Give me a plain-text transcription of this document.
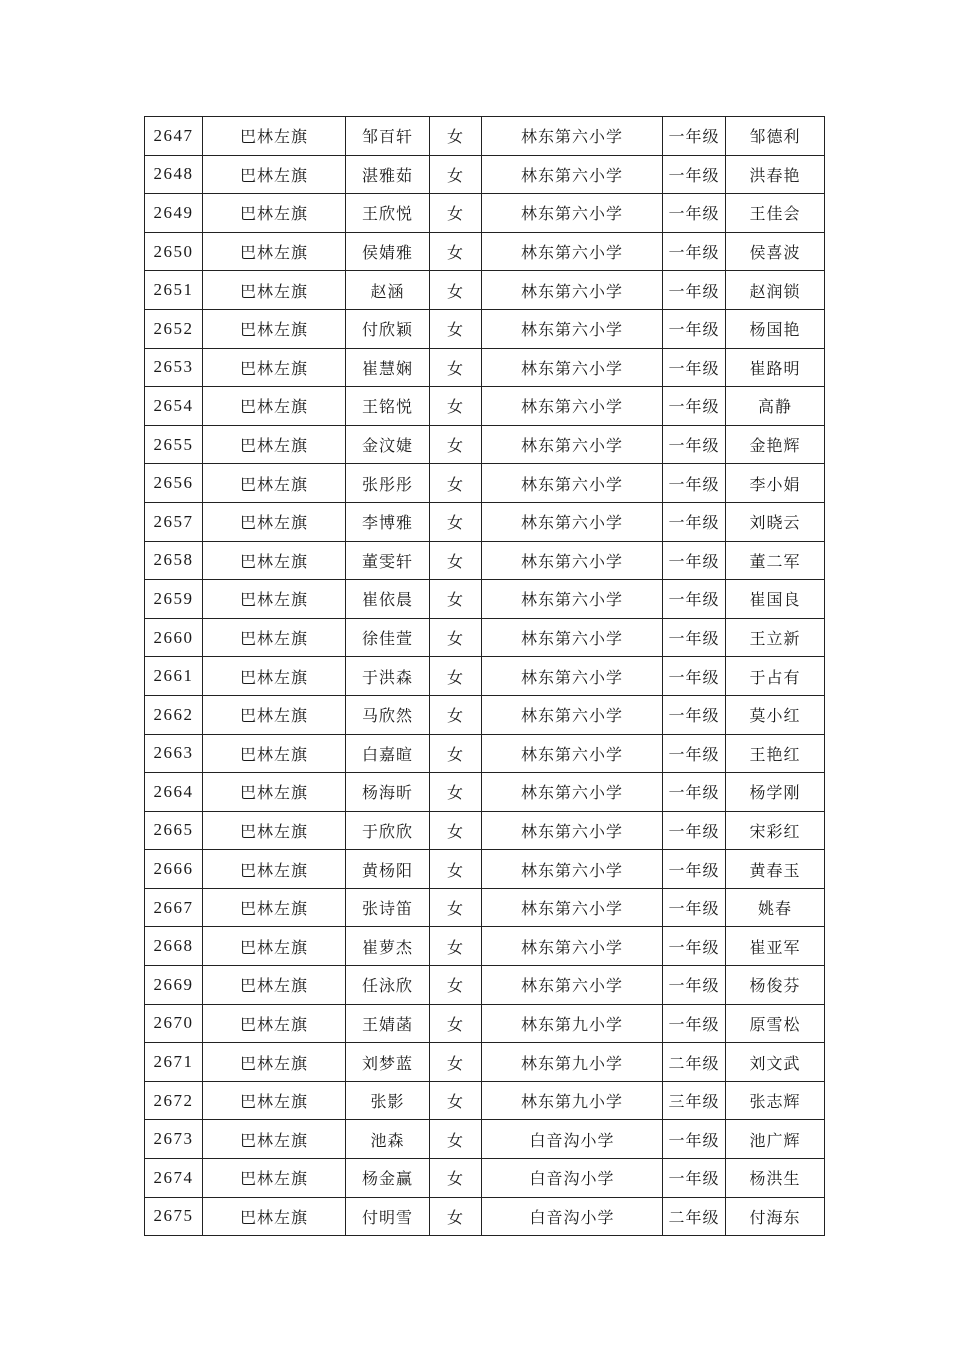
2647	巴林左旗	邹百轩	女	林东第六小学	一年级	邹德利
2648	巴林左旗	湛雅茹	女	林东第六小学	一年级	洪春艳
2649	巴林左旗	王欣悦	女	林东第六小学	一年级	王佳会
2650	巴林左旗	侯婧雅	女	林东第六小学	一年级	侯喜波
2651	巴林左旗	赵涵	女	林东第六小学	一年级	赵润锁
2652	巴林左旗	付欣颖	女	林东第六小学	一年级	杨国艳
2653	巴林左旗	崔慧娴	女	林东第六小学	一年级	崔路明
2654	巴林左旗	王铭悦	女	林东第六小学	一年级	高静
2655	巴林左旗	金汶婕	女	林东第六小学	一年级	金艳辉
2656	巴林左旗	张彤彤	女	林东第六小学	一年级	李小娟
2657	巴林左旗	李博雅	女	林东第六小学	一年级	刘晓云
2658	巴林左旗	董雯轩	女	林东第六小学	一年级	董二军
2659	巴林左旗	崔依晨	女	林东第六小学	一年级	崔国良
2660	巴林左旗	徐佳萱	女	林东第六小学	一年级	王立新
2661	巴林左旗	于洪森	女	林东第六小学	一年级	于占有
2662	巴林左旗	马欣然	女	林东第六小学	一年级	莫小红
2663	巴林左旗	白嘉暄	女	林东第六小学	一年级	王艳红
2664	巴林左旗	杨海昕	女	林东第六小学	一年级	杨学刚
2665	巴林左旗	于欣欣	女	林东第六小学	一年级	宋彩红
2666	巴林左旗	黄杨阳	女	林东第六小学	一年级	黄春玉
2667	巴林左旗	张诗笛	女	林东第六小学	一年级	姚春
2668	巴林左旗	崔萝杰	女	林东第六小学	一年级	崔亚军
2669	巴林左旗	任泳欣	女	林东第六小学	一年级	杨俊芬
2670	巴林左旗	王婧菡	女	林东第九小学	一年级	原雪松
2671	巴林左旗	刘梦蓝	女	林东第九小学	二年级	刘文武
2672	巴林左旗	张影	女	林东第九小学	三年级	张志辉
2673	巴林左旗	池森	女	白音沟小学	一年级	池广辉
2674	巴林左旗	杨金赢	女	白音沟小学	一年级	杨洪生
2675	巴林左旗	付明雪	女	白音沟小学	二年级	付海东
